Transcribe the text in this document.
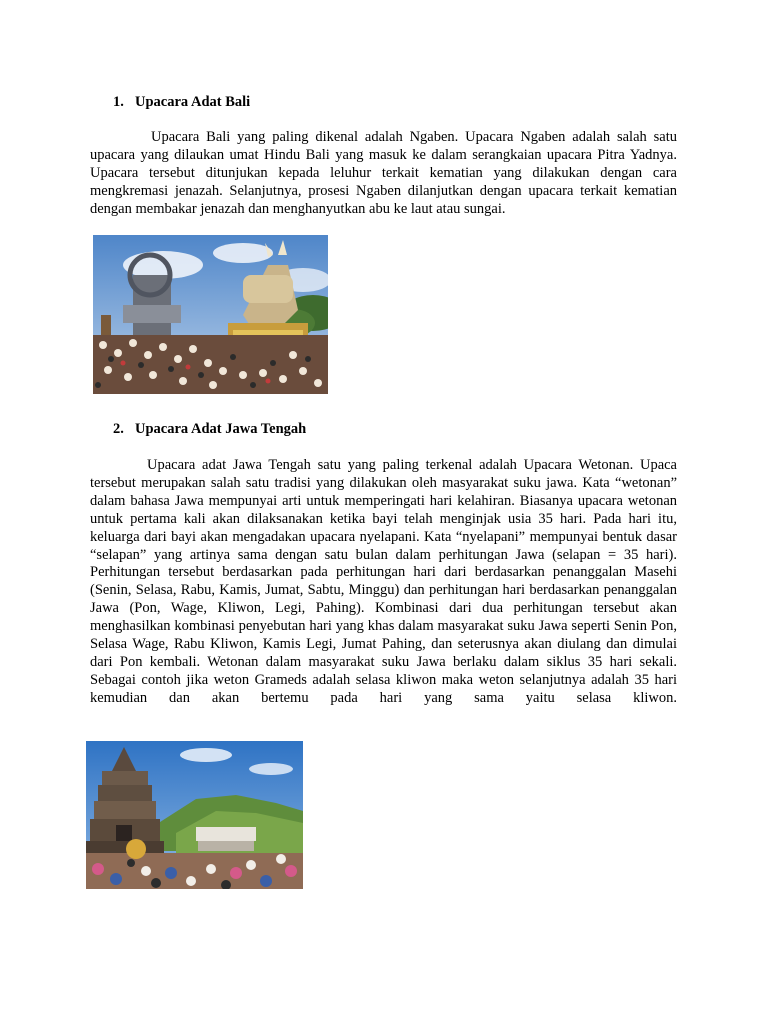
1. Upacara Adat Bali
Upacara Bali yang paling dikenal adalah Ngaben. Upacara Ngaben adalah salah satu upacara yang dilaukan umat Hindu Bali yang masuk ke dalam serangkaian upacara Pitra Yadnya. Upacara tersebut ditunjukan kepada leluhur terkait kematian yang dilakukan dengan cara mengkremasi jenazah. Selanjutnya, prosesi Ngaben dilanjutkan dengan upacara terkait kematian dengan membakar jenazah dan menghanyutkan abu ke laut atau sungai.
2. Upacara Adat Jawa Tengah
Upacara adat Jawa Tengah satu yang paling terkenal adalah Upacara Wetonan. Upaca tersebut merupakan salah satu tradisi yang dilakukan oleh masyarakat suku jawa. Kata “wetonan” dalam bahasa Jawa mempunyai arti untuk memperingati hari kelahiran. Biasanya upacara wetonan untuk pertama kali akan dilaksanakan ketika bayi telah menginjak usia 35 hari. Pada hari itu, keluarga dari bayi akan mengadakan upacara nyelapani. Kata “nyelapani” mempunyai bentuk dasar “selapan” yang artinya sama dengan satu bulan dalam perhitungan Jawa (selapan = 35 hari). Perhitungan tersebut berdasarkan pada perhitungan hari dari berdasarkan penanggalan Masehi (Senin, Selasa, Rabu, Kamis, Jumat, Sabtu, Minggu) dan perhitungan hari berdasarkan penanggalan Jawa (Pon, Wage, Kliwon, Legi, Pahing). Kombinasi dari dua perhitungan tersebut akan menghasilkan kombinasi penyebutan hari yang khas dalam masyarakat suku Jawa seperti Senin Pon, Selasa Wage, Rabu Kliwon, Kamis Legi, Jumat Pahing, dan seterusnya akan diulang dan dimulai dari Pon kembali. Wetonan dalam masyarakat suku Jawa berlaku dalam siklus 35 hari sekali. Sebagai contoh jika weton Grameds adalah selasa kliwon maka weton selanjutnya adalah 35 hari kemudian dan akan bertemu pada hari yang sama yaitu selasa kliwon.
